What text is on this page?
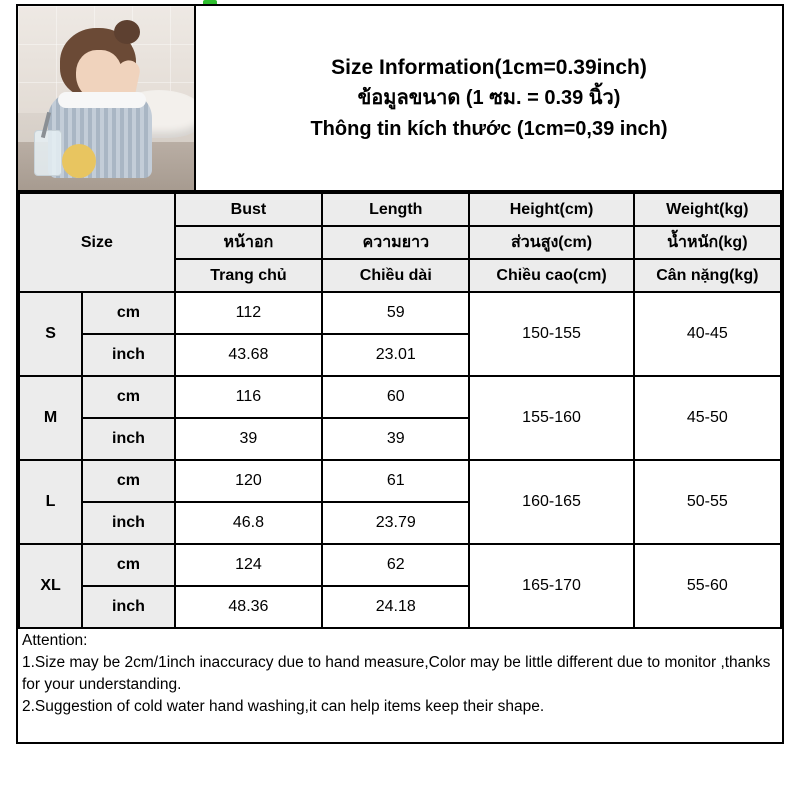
Size Information(1cm=0.39inch)
ข้อมูลขนาด (1 ซม. = 0.39 นิ้ว)
Thông tin kích thước (1cm=0,39 inch)
Size		Bust	Length	Height(cm)	Weight(kg)
		หน้าอก	ความยาว	ส่วนสูง(cm)	น้ำหนัก(kg)
		Trang chủ	Chiều dài	Chiều cao(cm)	Cân nặng(kg)
S	cm	112	59	150-155	40-45
	inch	43.68	23.01		
M	cm	116	60	155-160	45-50
	inch	39	39		
L	cm	120	61	160-165	50-55
	inch	46.8	23.79		
XL	cm	124	62	165-170	55-60
	inch	48.36	24.18		

Attention:

1.Size may be 2cm/1inch inaccuracy due to hand measure,Color may be little different due to monitor ,thanks for your understanding.

2.Suggestion of cold water hand washing,it can help items keep their shape.
